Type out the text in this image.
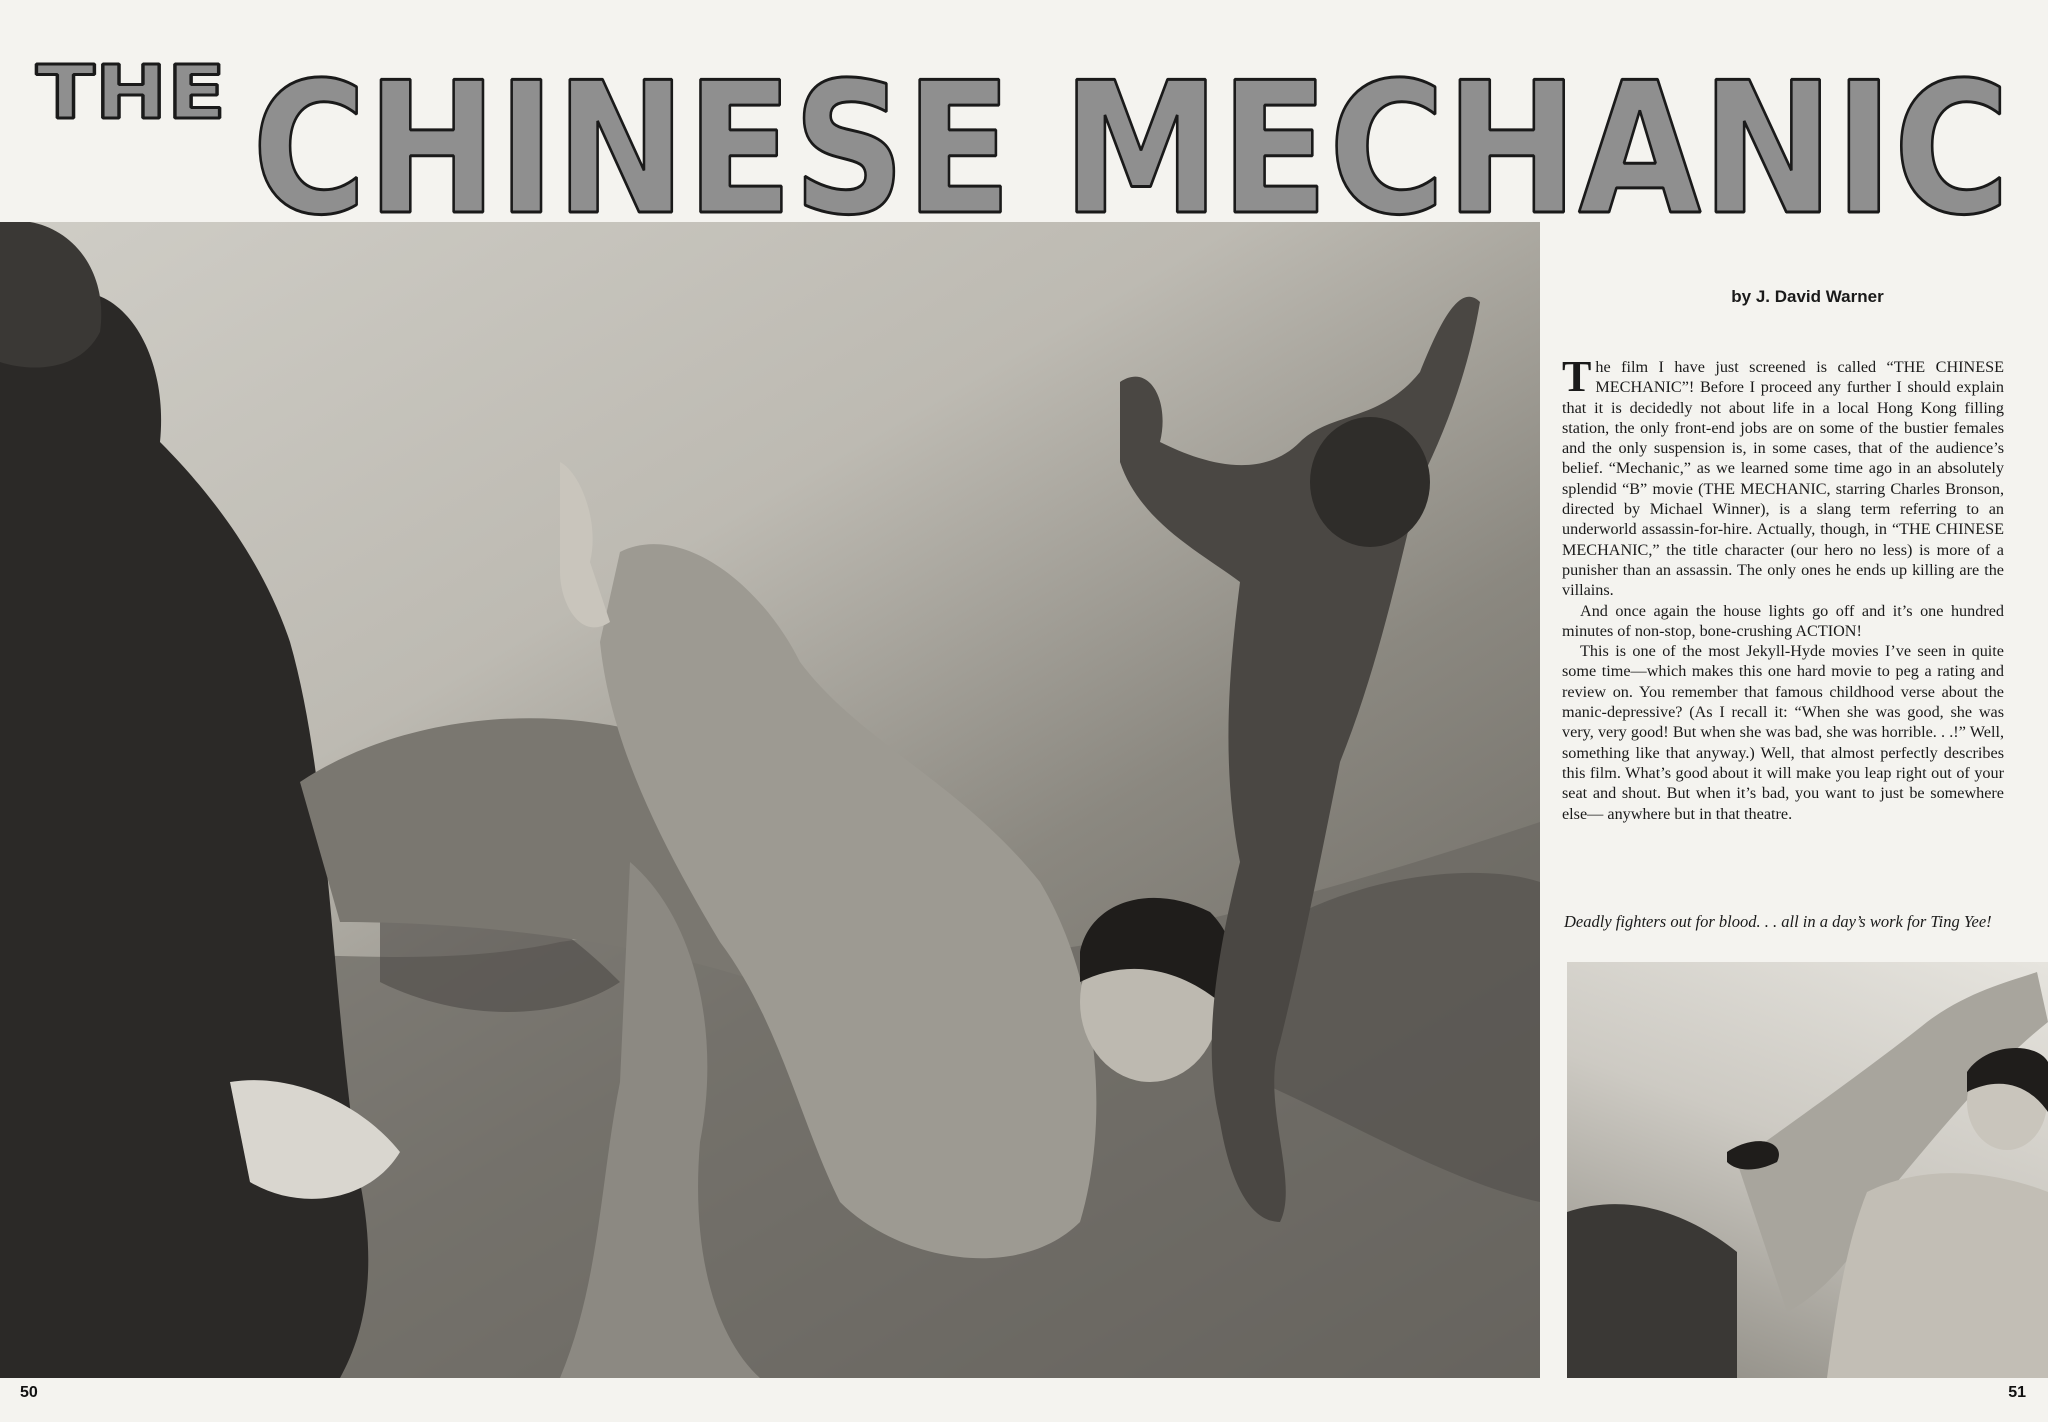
THE CHINESE MECHANIC
by J. David Warner

The film I have just screened is called “THE CHINESE MECHANIC”! Before I proceed any further I should explain that it is decidedly not about life in a local Hong Kong filling station, the only front-end jobs are on some of the bustier females and the only suspension is, in some cases, that of the audience’s belief. “Mechanic,” as we learned some time ago in an absolutely splendid “B” movie (THE MECHANIC, starring Charles Bronson, directed by Michael Winner), is a slang term referring to an underworld assassin-for-hire. Actually, though, in “THE CHINESE MECHANIC,” the title character (our hero no less) is more of a punisher than an assassin. The only ones he ends up killing are the villains.

And once again the house lights go off and it’s one hundred minutes of non-stop, bone-crushing ACTION!

This is one of the most Jekyll-Hyde movies I’ve seen in quite some time—which makes this one hard movie to peg a rating and review on. You remember that famous childhood verse about the manic-depressive? (As I recall it: “When she was good, she was very, very good! But when she was bad, she was horrible. . .!” Well, something like that anyway.) Well, that almost perfectly describes this film. What’s good about it will make you leap right out of your seat and shout. But when it’s bad, you want to just be somewhere else— anywhere but in that theatre.

Deadly fighters out for blood. . . all in a day’s work for Ting Yee!
50	51
